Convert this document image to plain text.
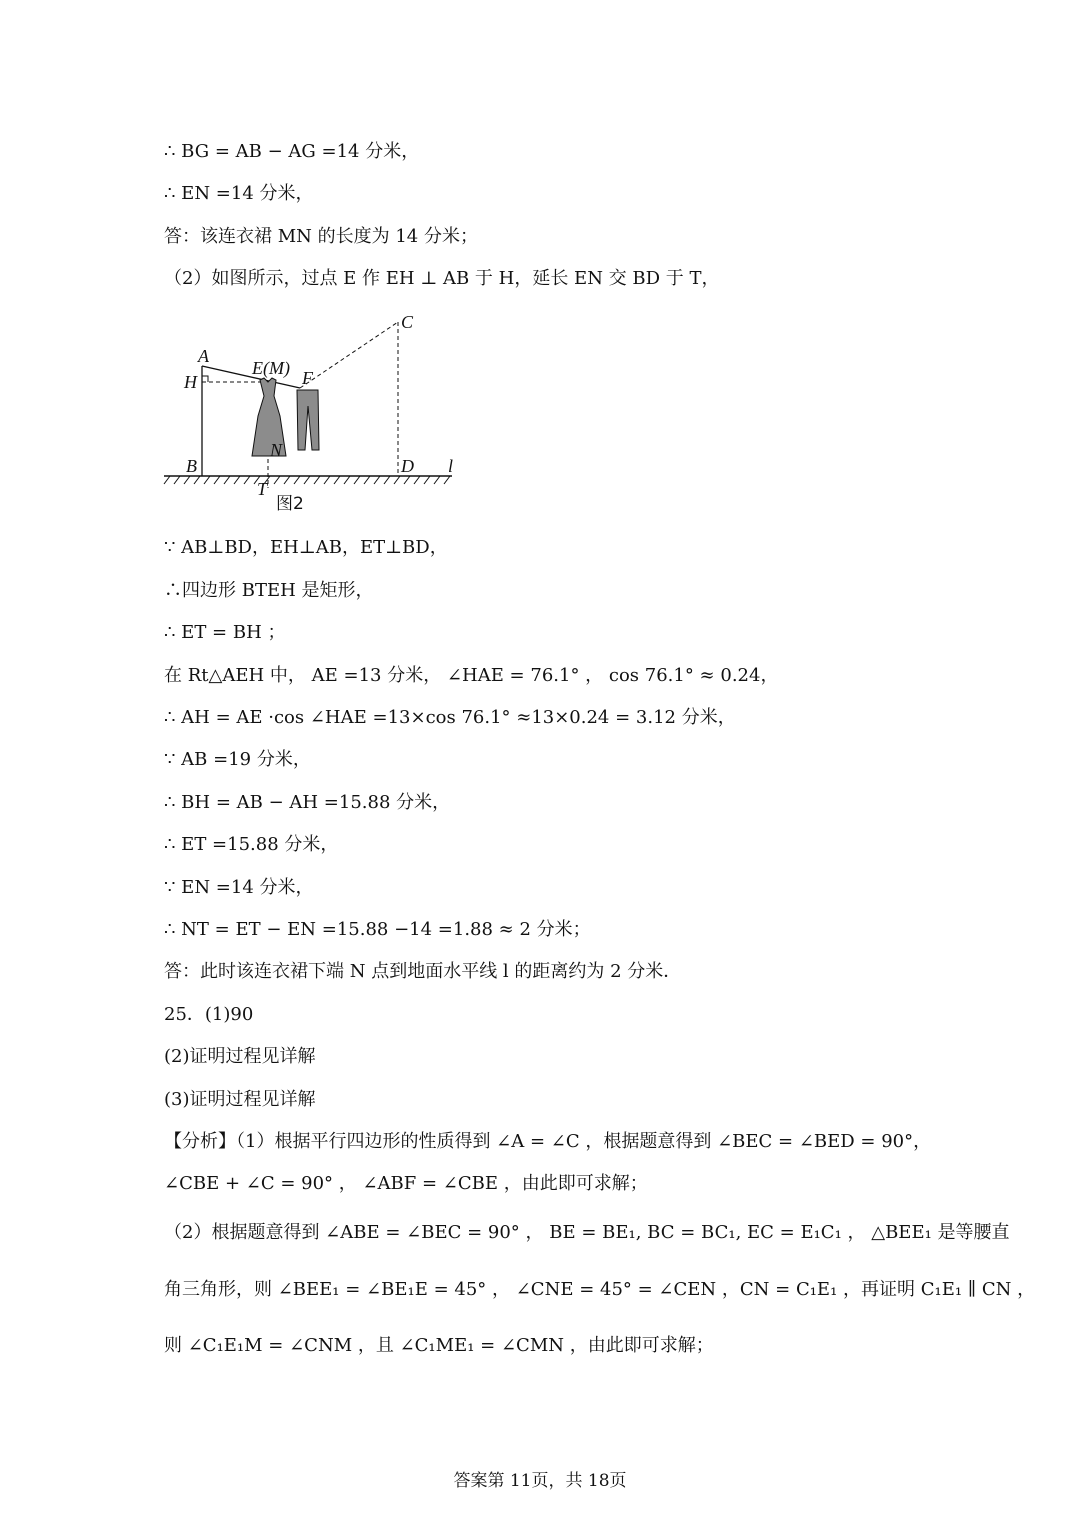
∴ BG = AB − AG =14 分米，
∴ EN =14 分米，
答：该连衣裙 MN 的长度为 14 分米；
（2）如图所示，过点 E 作 EH ⊥ AB 于 H，延长 EN 交 BD 于 T，
A
H
E(M) F
C
N
B	D l
T
图2
∵ AB⊥BD，EH⊥AB，ET⊥BD，
∴四边形 BTEH 是矩形，
∴ ET = BH ；
在 Rt△AEH 中， AE =13 分米， ∠HAE = 76.1° ， cos 76.1° ≈ 0.24，
∴ AH = AE ·cos ∠HAE =13×cos 76.1° ≈13×0.24 = 3.12 分米，
∵ AB =19 分米，
∴ BH = AB − AH =15.88 分米，
∴ ET =15.88 分米，
∵ EN =14 分米，
∴ NT = ET − EN =15.88 −14 =1.88 ≈ 2 分米；
答：此时该连衣裙下端 N 点到地面水平线 l 的距离约为 2 分米．
25．(1)90
(2)证明过程见详解
(3)证明过程见详解
【分析】（1）根据平行四边形的性质得到 ∠A = ∠C ，根据题意得到 ∠BEC = ∠BED = 90°，
∠CBE + ∠C = 90° ， ∠ABF = ∠CBE ，由此即可求解；
（2）根据题意得到 ∠ABE = ∠BEC = 90° ， BE = BE₁, BC = BC₁, EC = E₁C₁ ， △BEE₁ 是等腰直
角三角形，则 ∠BEE₁ = ∠BE₁E = 45° ， ∠CNE = 45° = ∠CEN ，CN = C₁E₁ ，再证明 C₁E₁ ∥ CN ，
则 ∠C₁E₁M = ∠CNM ，且 ∠C₁ME₁ = ∠CMN ，由此即可求解；
答案第 11页，共 18页
